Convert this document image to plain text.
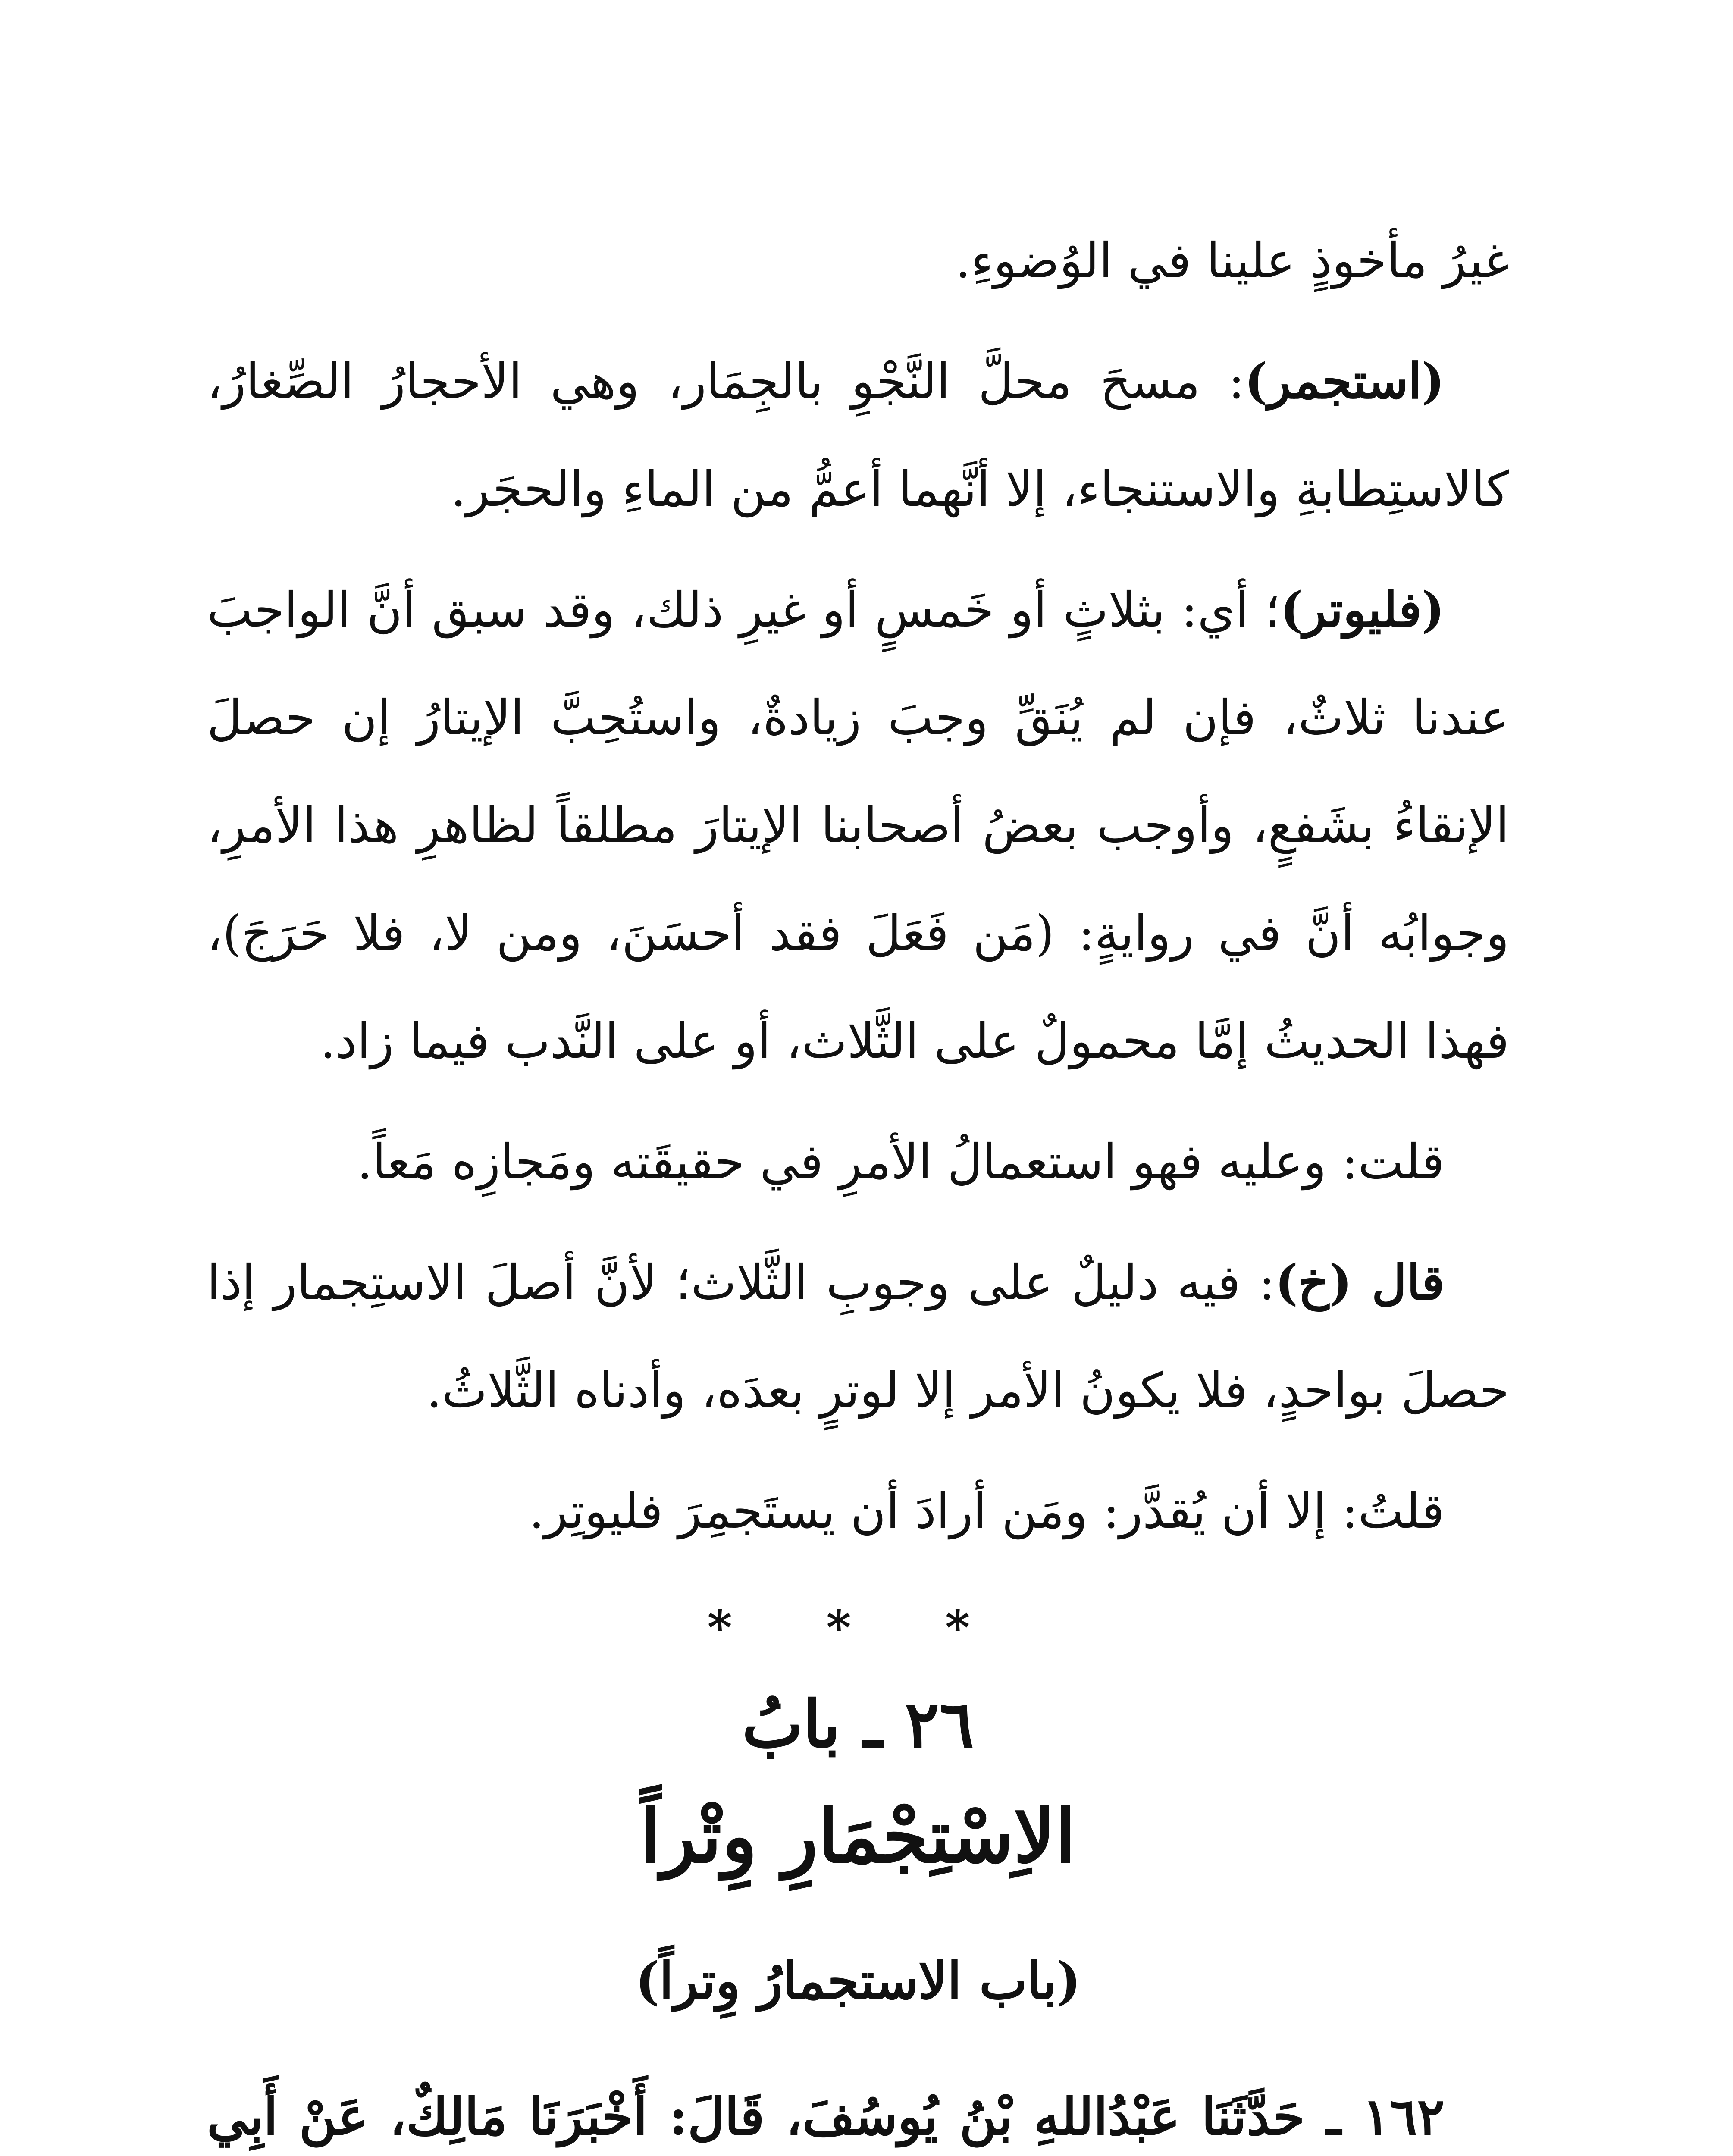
غيرُ مأخوذٍ علينا في الوُضوءِ.

(استجمر): مسحَ محلَّ النَّجْوِ بالجِمَار، وهي الأحجارُ الصِّغارُ، كالاستِطابةِ والاستنجاء، إلا أنَّهما أعمُّ من الماءِ والحجَر.

(فليوتر)؛ أي: بثلاثٍ أو خَمسٍ أو غيرِ ذلك، وقد سبق أنَّ الواجبَ عندنا ثلاثٌ، فإن لم يُنَقِّ وجبَ زيادةٌ، واستُحِبَّ الإيتارُ إن حصلَ الإنقاءُ بشَفعٍ، وأوجب بعضُ أصحابنا الإيتارَ مطلقاً لظاهرِ هذا الأمرِ، وجوابُه أنَّ في روايةٍ: (مَن فَعَلَ فقد أحسَنَ، ومن لا، فلا حَرَجَ)، فهذا الحديثُ إمَّا محمولٌ على الثَّلاث، أو على النَّدب فيما زاد.

قلت: وعليه فهو استعمالُ الأمرِ في حقيقَته ومَجازِه مَعاً.

قال (خ): فيه دليلٌ على وجوبِ الثَّلاث؛ لأنَّ أصلَ الاستِجمار إذا حصلَ بواحدٍ، فلا يكونُ الأمر إلا لوترٍ بعدَه، وأدناه الثَّلاثُ.

قلتُ: إلا أن يُقدَّر: ومَن أرادَ أن يستَجمِرَ فليوتِر.

* * *
٢٦ ـ بابُ
الاِسْتِجْمَارِ وِتْراً
(باب الاستجمارُ وِتراً)

١٦٢ ـ حَدَّثَنَا عَبْدُاللهِ بْنُ يُوسُفَ، قَالَ: أَخْبَرَنَا مَالِكٌ، عَنْ أَبِي
